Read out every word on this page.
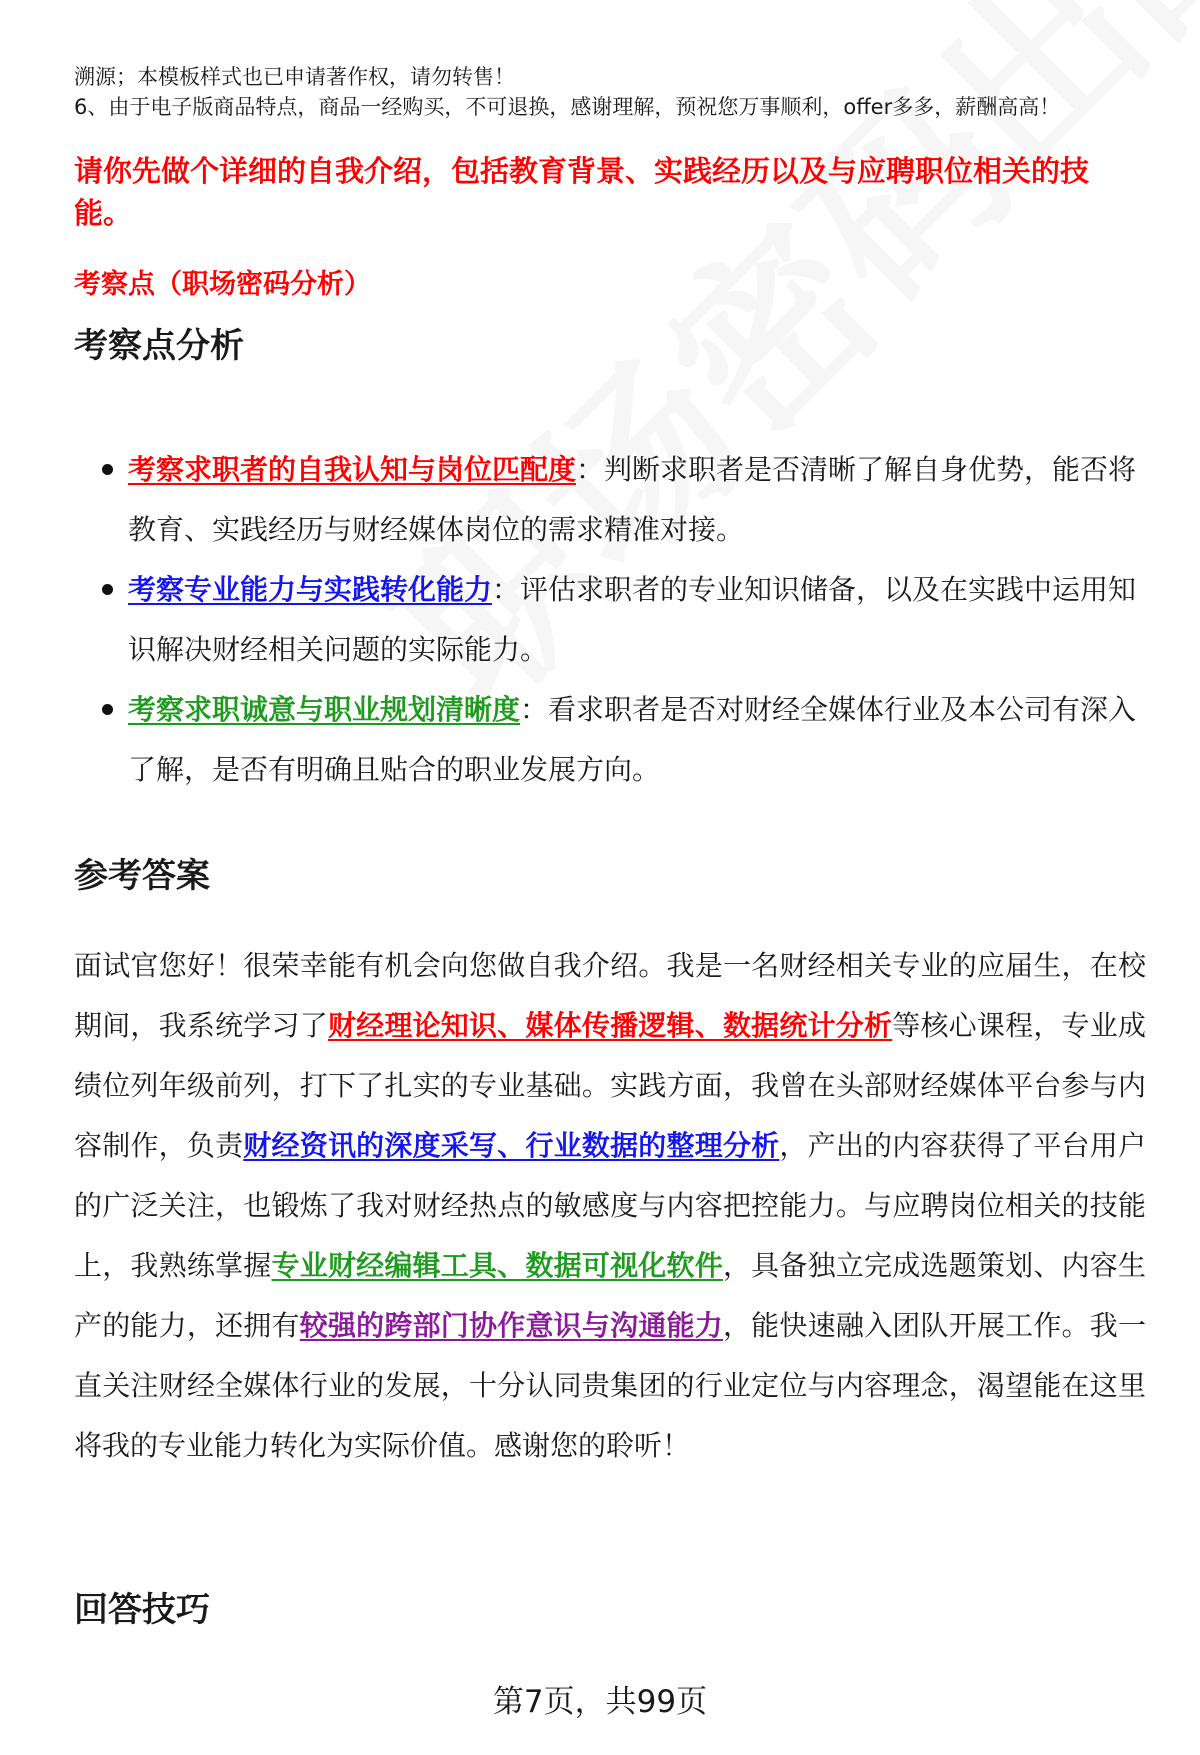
溯源；本模板样式也已申请著作权，请勿转售！

6、由于电子版商品特点，商品一经购买，不可退换，感谢理解，预祝您万事顺利，offer多多，薪酬高高！

请你先做个详细的自我介绍，包括教育背景、实践经历以及与应聘职位相关的技能。
考察点（职场密码分析）
考察点分析
考察求职者的自我认知与岗位匹配度：判断求职者是否清晰了解自身优势，能否将教育、实践经历与财经媒体岗位的需求精准对接。
考察专业能力与实践转化能力：评估求职者的专业知识储备，以及在实践中运用知识解决财经相关问题的实际能力。
考察求职诚意与职业规划清晰度：看求职者是否对财经全媒体行业及本公司有深入了解，是否有明确且贴合的职业发展方向。
参考答案

面试官您好！很荣幸能有机会向您做自我介绍。我是一名财经相关专业的应届生，在校期间，我系统学习了财经理论知识、媒体传播逻辑、数据统计分析等核心课程，专业成绩位列年级前列，打下了扎实的专业基础。实践方面，我曾在头部财经媒体平台参与内容制作，负责财经资讯的深度采写、行业数据的整理分析，产出的内容获得了平台用户的广泛关注，也锻炼了我对财经热点的敏感度与内容把控能力。与应聘岗位相关的技能上，我熟练掌握专业财经编辑工具、数据可视化软件，具备独立完成选题策划、内容生产的能力，还拥有较强的跨部门协作意识与沟通能力，能快速融入团队开展工作。我一直关注财经全媒体行业的发展，十分认同贵集团的行业定位与内容理念，渴望能在这里将我的专业能力转化为实际价值。感谢您的聆听！

回答技巧
第7页，共99页
